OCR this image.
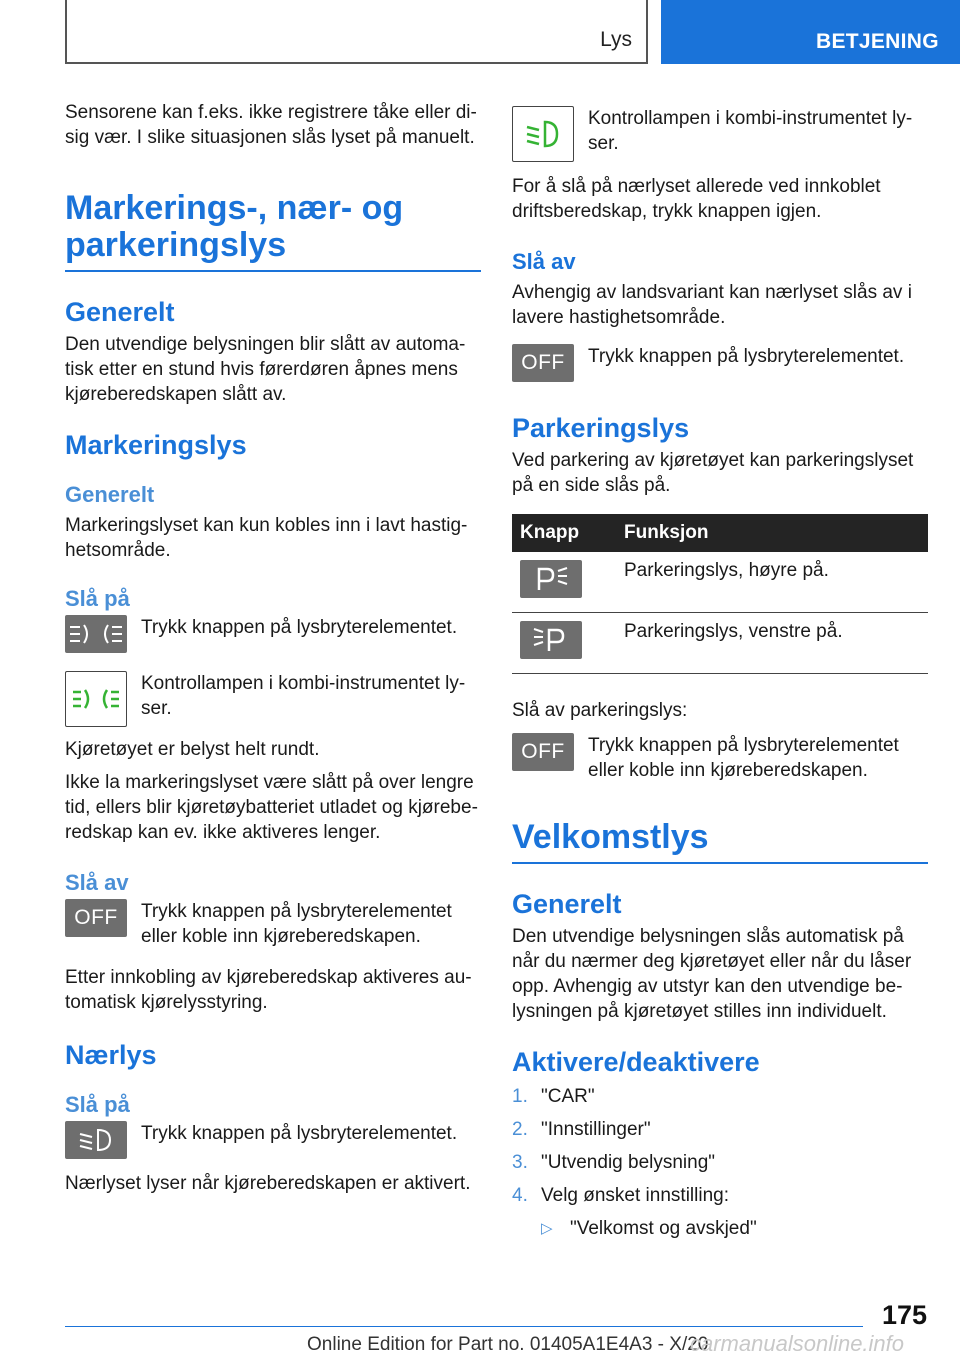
Lys	BETJENING

Sensorene kan f.eks. ikke registrere tåke eller disig vær. I slike situasjonen slås lyset på manuelt.

Markerings-, nær- og parkeringslys
Generelt

Den utvendige belysningen blir slått av automatisk etter en stund hvis førerdøren åpnes mens kjøreberedskapen slått av.

Markeringslys
Generelt

Markeringslyset kan kun kobles inn i lavt hastighetsområde.

Slå på

Trykk knappen på lysbryterelementet.

Kontrollampen i kombi-instrumentet lyser.

Kjøretøyet er belyst helt rundt.

Ikke la markeringslyset være slått på over lengre tid, ellers blir kjøretøybatteriet utladet og kjøreberedskap kan ev. ikke aktiveres lenger.

Slå av
OFF Trykk knappen på lysbryterelementet eller koble inn kjøreberedskapen.

Etter innkobling av kjøreberedskap aktiveres automatisk kjørelysstyring.

Nærlys
Slå på

Trykk knappen på lysbryterelementet.

Nærlyset lyser når kjøreberedskapen er aktivert.

Kontrollampen i kombi-instrumentet lyser.

For å slå på nærlyset allerede ved innkoblet driftsberedskap, trykk knappen igjen.

Slå av

Avhengig av landsvariant kan nærlyset slås av i lavere hastighetsområde.

OFF Trykk knappen på lysbryterelementet.

Parkeringslys

Ved parkering av kjøretøyet kan parkeringslyset på en side slås på.

Knapp	Funksjon

	Parkeringslys, høyre på.

	Parkeringslys, venstre på.

Slå av parkeringslys:

OFF Trykk knappen på lysbryterelementet eller koble inn kjøreberedskapen.

Velkomstlys
Generelt

Den utvendige belysningen slås automatisk på når du nærmer deg kjøretøyet eller når du låser opp. Avhengig av utstyr kan den utvendige belysningen på kjøretøyet stilles inn individuelt.

Aktivere/deaktivere
1. "CAR"
2. "Innstillinger"
3. "Utvendig belysning"
4. Velg ønsket innstilling:
▷ "Velkomst og avskjed"
175
Online Edition for Part no. 01405A1E4A3 - X/20
carmanualsonline.info
